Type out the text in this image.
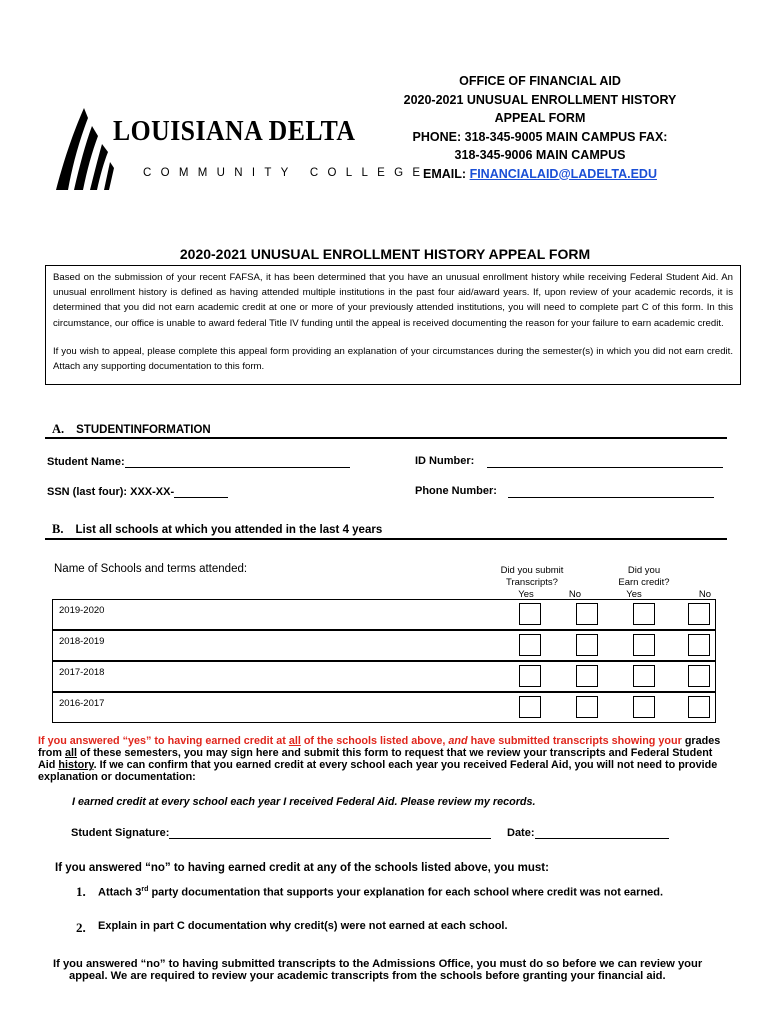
OFFICE OF FINANCIAL AID
2020-2021 UNUSUAL ENROLLMENT HISTORY
APPEAL FORM
PHONE: 318-345-9005 MAIN CAMPUS FAX:
318-345-9006 MAIN CAMPUS
EMAIL: FINANCIALAID@LADELTA.EDU
LOUISIANA DELTA
COMMUNITY COLLEGE
2020-2021 UNUSUAL ENROLLMENT HISTORY APPEAL FORM

Based on the submission of your recent FAFSA, it has been determined that you have an unusual enrollment history while receiving Federal Student Aid. An unusual enrollment history is defined as having attended multiple institutions in the past four aid/award years. If, upon review of your academic records, it is determined that you did not earn academic credit at one or more of your previously attended institutions, you will need to complete part C of this form. In this circumstance, our office is unable to award federal Title IV funding until the appeal is received documenting the reason for your failure to earn academic credit.

If you wish to appeal, please complete this appeal form providing an explanation of your circumstances during the semester(s) in which you did not earn credit. Attach any supporting documentation to this form.

A. STUDENTINFORMATION
Student Name:	ID Number:
SSN (last four): XXX-XX-	Phone Number:
B. List all schools at which you attended in the last 4 years
Name of Schools and terms attended:	Did you submit
Transcripts?
Did you
Earn credit?
Yes	No	Yes	No
2019-2020
2018-2019
2017-2018
2016-2017
If you answered “yes” to having earned credit at all of the schools listed above, and have submitted transcripts showing your grades from all of these semesters, you may sign here and submit this form to request that we review your transcripts and Federal Student Aid history. If we can confirm that you earned credit at every school each year you received Federal Aid, you will not need to provide explanation or documentation:
I earned credit at every school each year I received Federal Aid. Please review my records.
Student Signature:	Date:
If you answered “no” to having earned credit at any of the schools listed above, you must:
1. Attach 3rd party documentation that supports your explanation for each school where credit was not earned.
2. Explain in part C documentation why credit(s) were not earned at each school.
If you answered “no” to having submitted transcripts to the Admissions Office, you must do so before we can review your appeal. We are required to review your academic transcripts from the schools before granting your financial aid.
